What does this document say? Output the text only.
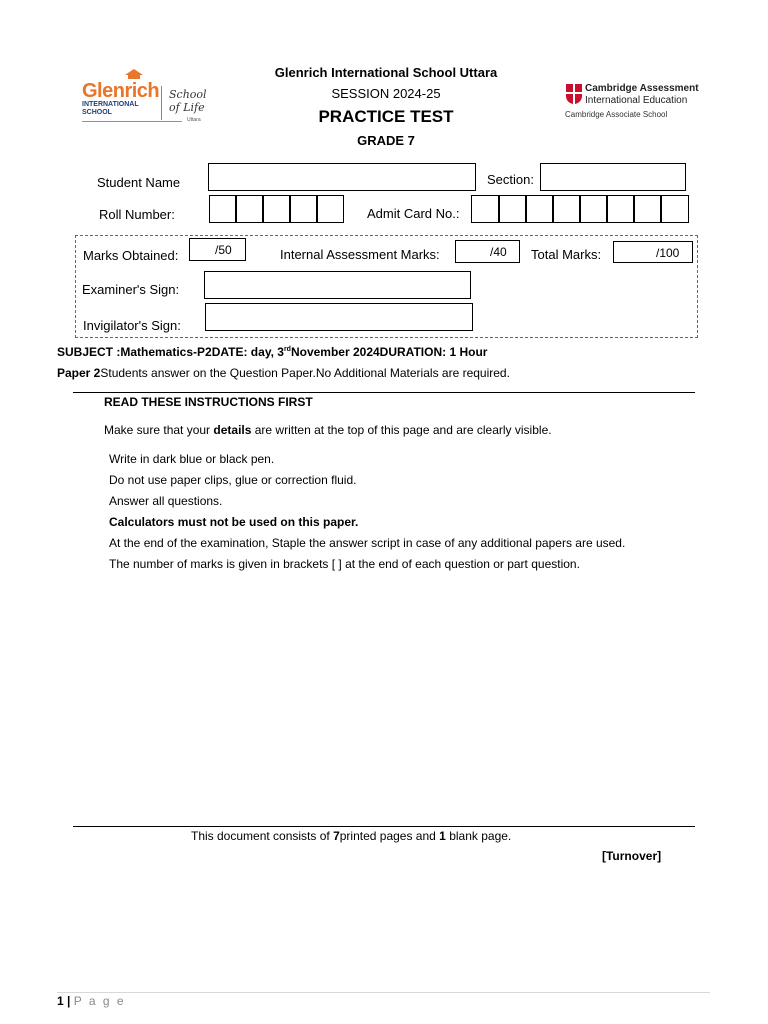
Glenrich
INTERNATIONAL SCHOOL
School
of Life
Uttara
Glenrich International School Uttara
SESSION 2024-25
PRACTICE TEST
GRADE 7
Cambridge Assessment
International Education
Cambridge Associate School
Student Name	Section:
Roll Number:	Admit Card No.:
Marks Obtained:	/50	Internal Assessment Marks:	/40	Total Marks:	/100
Examiner's Sign:
Invigilator's Sign:
SUBJECT :Mathematics-P2DATE: day, 3rdNovember 2024DURATION: 1 Hour
Paper 2Students answer on the Question Paper.No Additional Materials are required.
READ THESE INSTRUCTIONS FIRST
Make sure that your details are written at the top of this page and are clearly visible.
Write in dark blue or black pen.
Do not use paper clips, glue or correction fluid.
Answer all questions.
Calculators must not be used on this paper.
At the end of the examination, Staple the answer script in case of any additional papers are used.
The number of marks is given in brackets [ ] at the end of each question or part question.
This document consists of 7printed pages and 1 blank page.
[Turnover]
1 | P a g e
